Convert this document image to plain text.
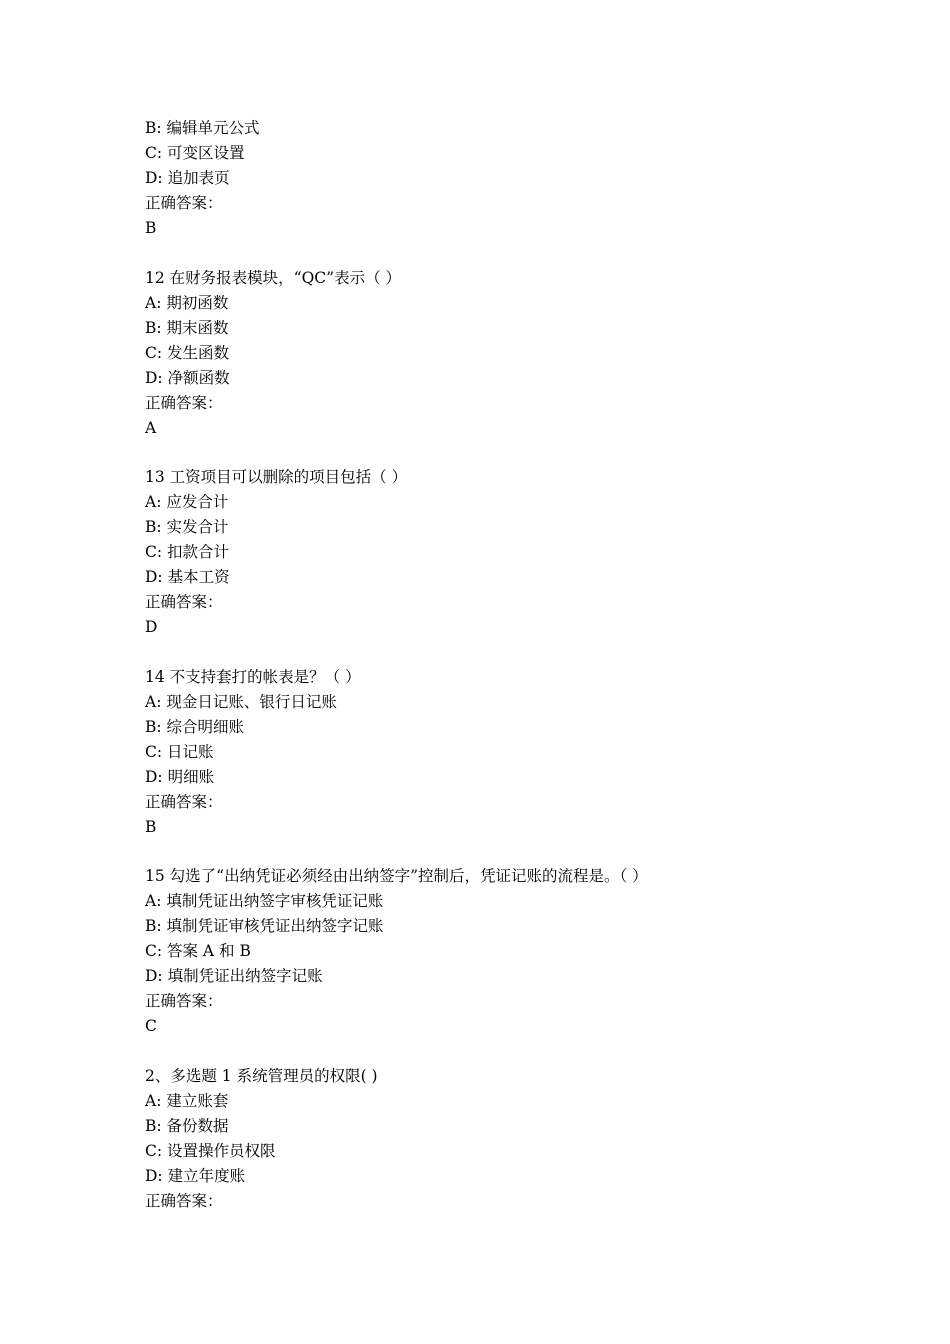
B: 编辑单元公式
C: 可变区设置
D: 追加表页
正确答案：
B
12 在财务报表模块，“QC”表示（ ）
A: 期初函数
B: 期末函数
C: 发生函数
D: 净额函数
正确答案：
A
13 工资项目可以删除的项目包括（ ）
A: 应发合计
B: 实发合计
C: 扣款合计
D: 基本工资
正确答案：
D
14 不支持套打的帐表是？（ ）
A: 现金日记账、银行日记账
B: 综合明细账
C: 日记账
D: 明细账
正确答案：
B
15 勾选了“出纳凭证必须经由出纳签字”控制后，凭证记账的流程是。（ ）
A: 填制凭证出纳签字审核凭证记账
B: 填制凭证审核凭证出纳签字记账
C: 答案 A 和 B
D: 填制凭证出纳签字记账
正确答案：
C
2、多选题 1 系统管理员的权限( )
A: 建立账套
B: 备份数据
C: 设置操作员权限
D: 建立年度账
正确答案：
